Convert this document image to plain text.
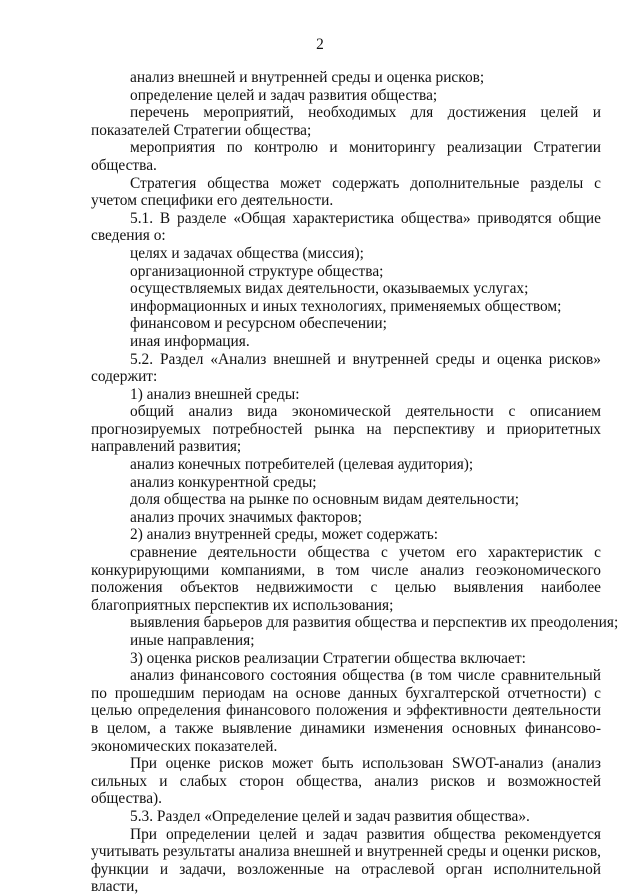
2

анализ внешней и внутренней среды и оценка рисков;

определение целей и задач развития общества;

перечень мероприятий, необходимых для достижения целей и показателей Стратегии общества;

мероприятия по контролю и мониторингу реализации Стратегии общества.

Стратегия общества может содержать дополнительные разделы с учетом специфики его деятельности.

5.1. В разделе «Общая характеристика общества» приводятся общие сведения о:

целях и задачах общества (миссия);

организационной структуре общества;

осуществляемых видах деятельности, оказываемых услугах;

информационных и иных технологиях, применяемых обществом;

финансовом и ресурсном обеспечении;

иная информация.

5.2. Раздел «Анализ внешней и внутренней среды и оценка рисков» содержит:

1) анализ внешней среды:

общий анализ вида экономической деятельности с описанием прогнозируемых потребностей рынка на перспективу и приоритетных направлений развития;

анализ конечных потребителей (целевая аудитория);

анализ конкурентной среды;

доля общества на рынке по основным видам деятельности;

анализ прочих значимых факторов;

2) анализ внутренней среды, может содержать:

сравнение деятельности общества с учетом его характеристик с конкурирующими компаниями, в том числе анализ геоэкономического положения объектов недвижимости с целью выявления наиболее благоприятных перспектив их использования;

выявления барьеров для развития общества и перспектив их преодоления;

иные направления;

3) оценка рисков реализации Стратегии общества включает:

анализ финансового состояния общества (в том числе сравнительный по прошедшим периодам на основе данных бухгалтерской отчетности) с целью определения финансового положения и эффективности деятельности в целом, а также выявление динамики изменения основных финансово-экономических показателей.

При оценке рисков может быть использован SWOT-анализ (анализ сильных и слабых сторон общества, анализ рисков и возможностей общества).

5.3. Раздел «Определение целей и задач развития общества».

При определении целей и задач развития общества рекомендуется учитывать результаты анализа внешней и внутренней среды и оценки рисков, функции и задачи, возложенные на отраслевой орган исполнительной власти,
